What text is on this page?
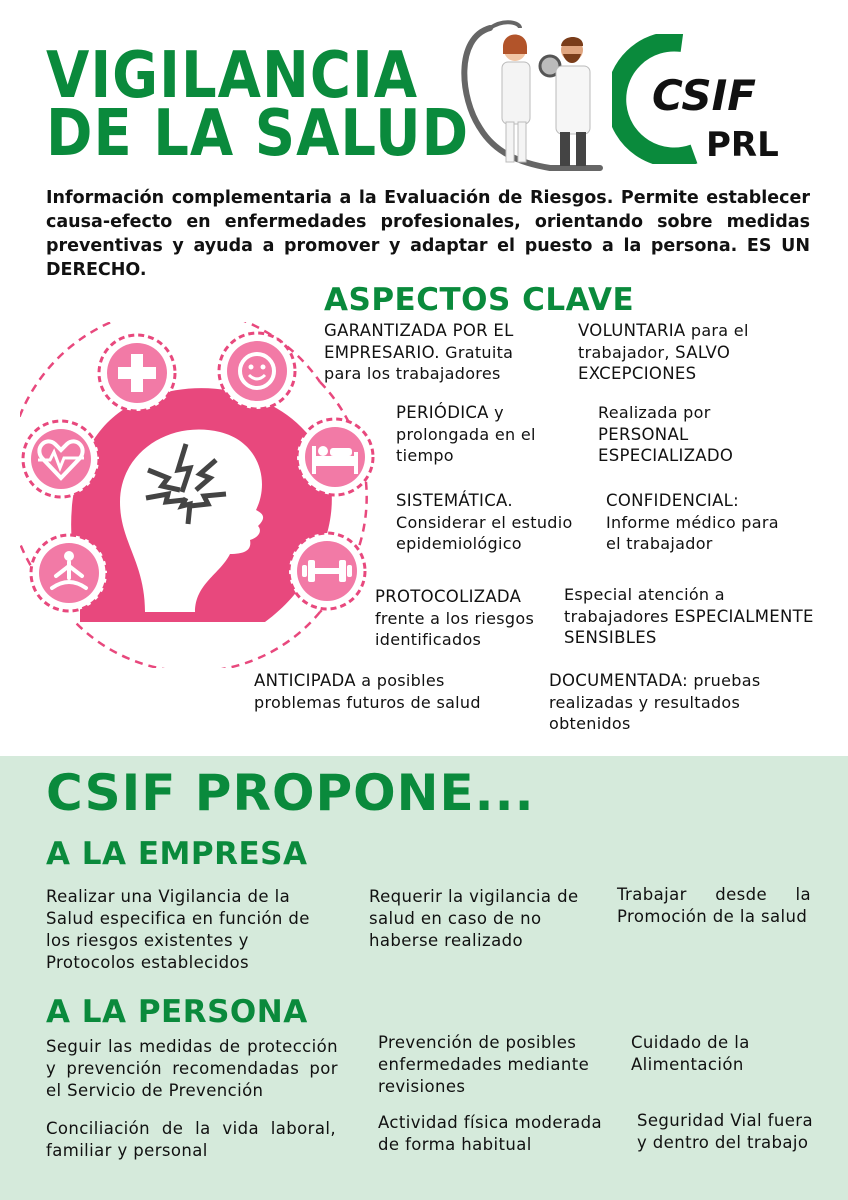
VIGILANCIA
DE LA SALUD
CSIF
PRL
Información complementaria a la Evaluación de Riesgos. Permite establecer causa-efecto en enfermedades profesionales, orientando sobre medidas preventivas y ayuda a promover y adaptar el puesto a la persona. ES UN DERECHO.
ASPECTOS CLAVE
GARANTIZADA POR EL EMPRESARIO. Gratuita para los trabajadores
VOLUNTARIA para el trabajador, SALVO EXCEPCIONES
PERIÓDICA y prolongada en el tiempo
Realizada por PERSONAL ESPECIALIZADO
SISTEMÁTICA. Considerar el estudio epidemiológico
CONFIDENCIAL: Informe médico para el trabajador
PROTOCOLIZADA frente a los riesgos identificados
Especial atención a trabajadores ESPECIALMENTE SENSIBLES
ANTICIPADA a posibles problemas futuros de salud
DOCUMENTADA: pruebas realizadas y resultados obtenidos
CSIF PROPONE...
A LA EMPRESA
Realizar una Vigilancia de la Salud especifica en función de los riesgos existentes y Protocolos establecidos
Requerir la vigilancia de salud en caso de no haberse realizado
Trabajar desde la Promoción de la salud
A LA PERSONA
Seguir las medidas de protección y prevención recomendadas por el Servicio de Prevención
Prevención de posibles enfermedades mediante revisiones
Cuidado de la Alimentación
Conciliación de la vida laboral, familiar y personal
Actividad física moderada de forma habitual
Seguridad Vial fuera y dentro del trabajo
